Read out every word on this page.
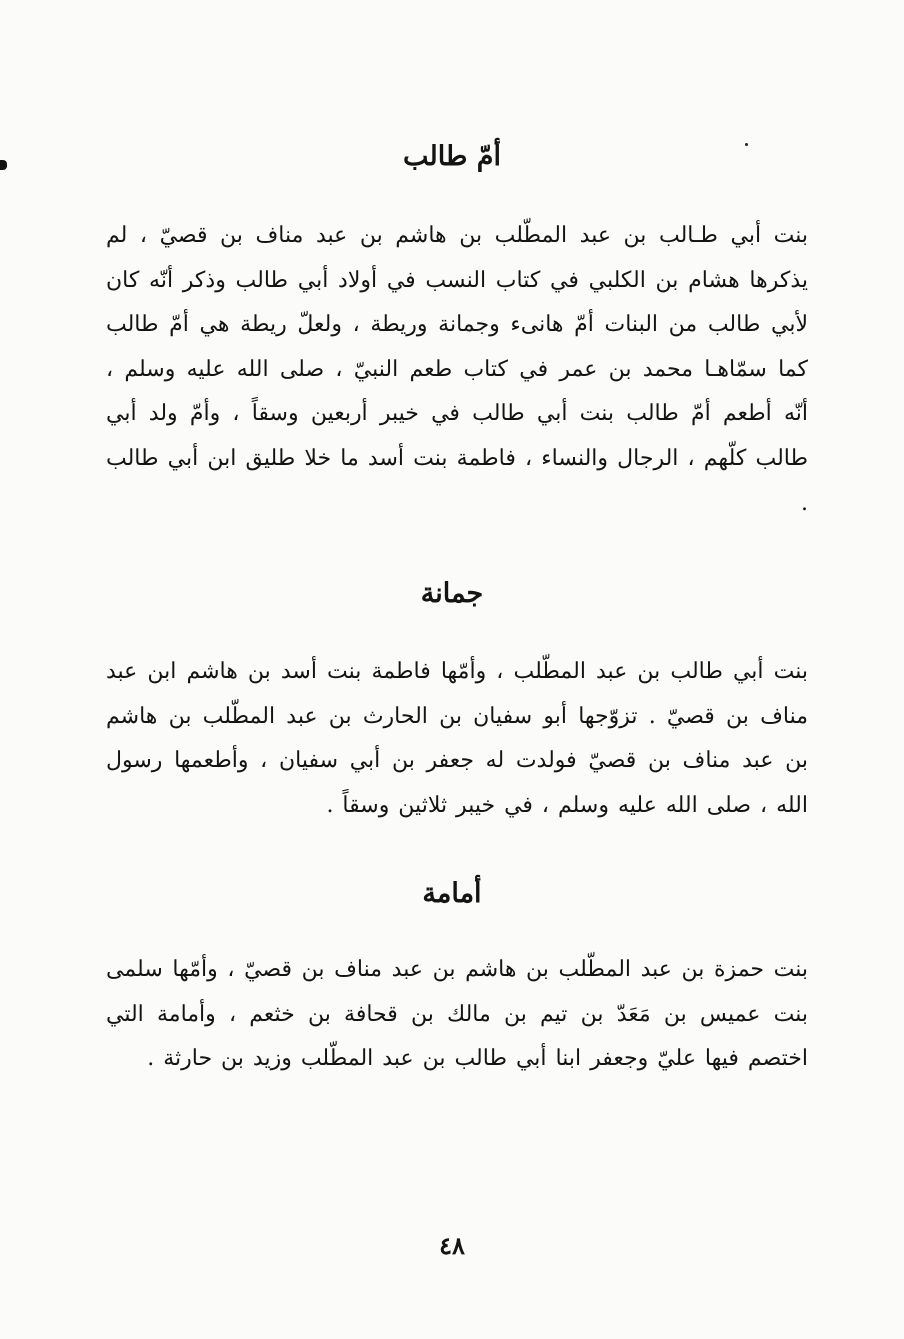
أمّ طالب

بنت أبي طـالب بن عبد المطّلب بن هاشم بن عبد مناف بن قصيّ ، لم يذكرها هشام بن الكلبي في كتاب النسب في أولاد أبي طالب وذكر أنّه كان لأبي طالب من البنات أمّ هانىء وجمانة وريطة ، ولعلّ ريطة هي أمّ طالب كما سمّاهـا محمد بن عمر في كتاب طعم النبيّ ، صلى الله عليه وسلم ، أنّه أطعم أمّ طالب بنت أبي طالب في خيبر أربعين وسقاً ، وأمّ ولد أبي طالب كلّهم ، الرجال والنساء ، فاطمة بنت أسد ما خلا طليق ابن أبي طالب .

جمانة

بنت أبي طالب بن عبد المطّلب ، وأمّها فاطمة بنت أسد بن هاشم ابن عبد مناف بن قصيّ . تزوّجها أبو سفيان بن الحارث بن عبد المطّلب بن هاشم بن عبد مناف بن قصيّ فولدت له جعفر بن أبي سفيان ، وأطعمها رسول الله ، صلى الله عليه وسلم ، في خيبر ثلاثين وسقاً .

أمامة

بنت حمزة بن عبد المطّلب بن هاشم بن عبد مناف بن قصيّ ، وأمّها سلمى بنت عميس بن مَعَدّ بن تيم بن مالك بن قحافة بن خثعم ، وأمامة التي اختصم فيها عليّ وجعفر ابنا أبي طالب بن عبد المطّلب وزيد بن حارثة .

٤٨
